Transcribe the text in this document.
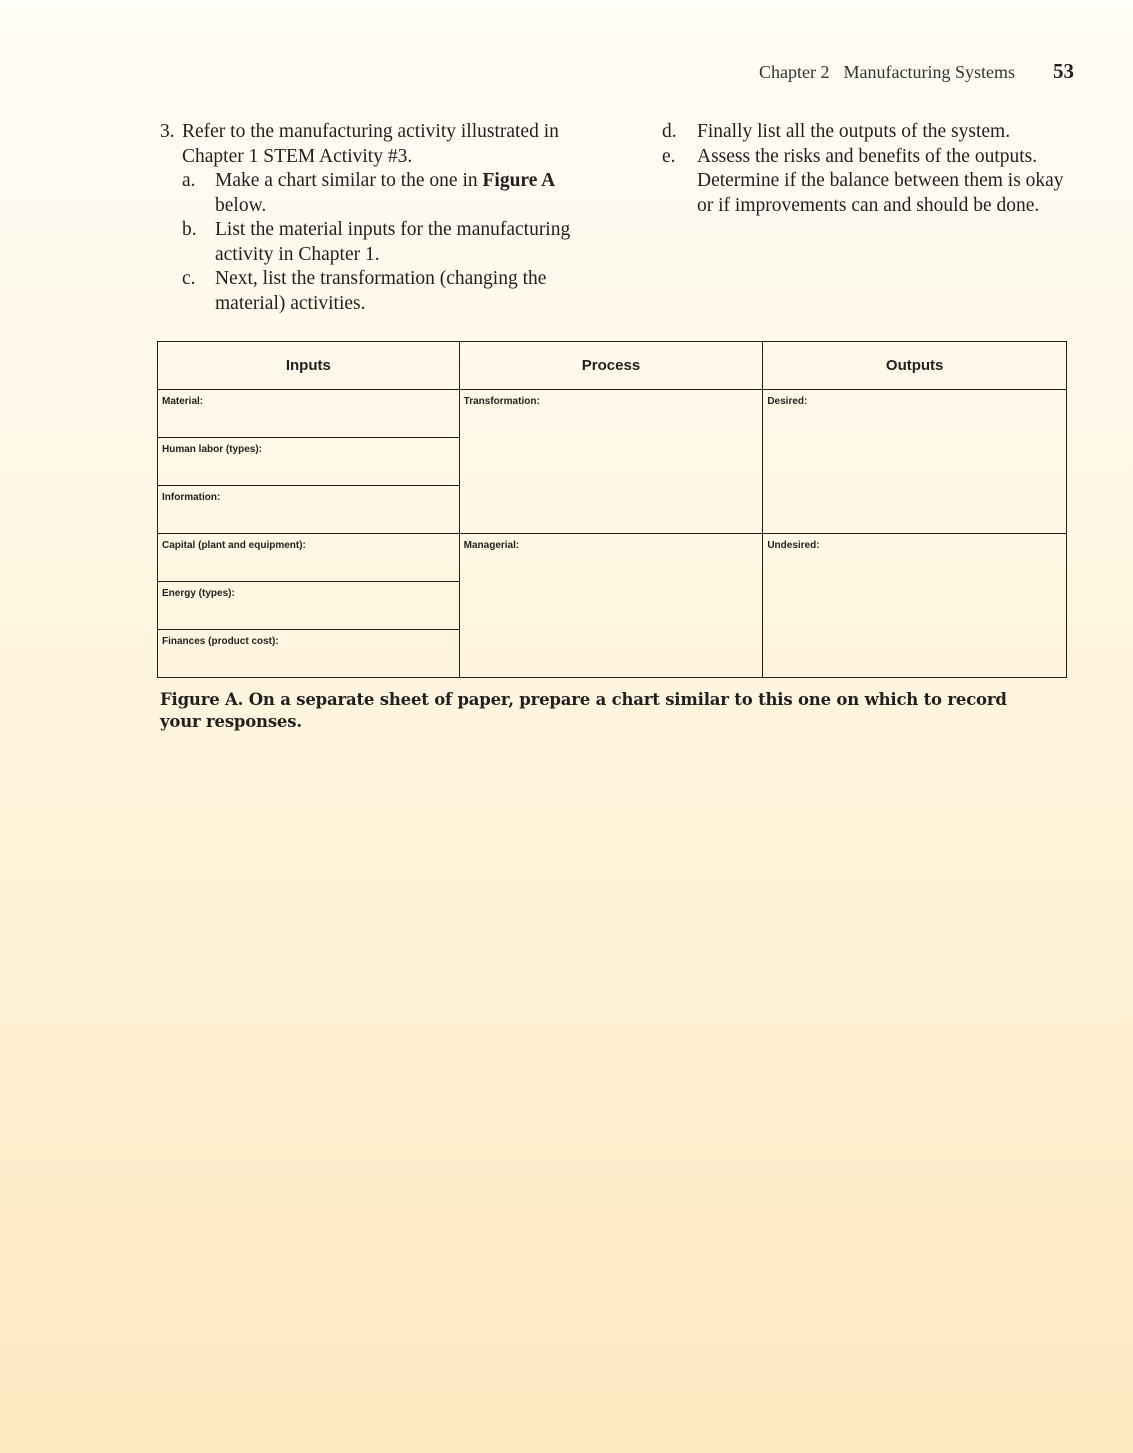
Chapter 2 Manufacturing Systems 53
3. Refer to the manufacturing activity illustrated in Chapter 1 STEM Activity #3.
a. Make a chart similar to the one in Figure A below.
b. List the material inputs for the manufacturing activity in Chapter 1.
c. Next, list the transformation (changing the material) activities.
d. Finally list all the outputs of the system.
e. Assess the risks and benefits of the outputs. Determine if the balance between them is okay or if improvements can and should be done.
Inputs	Process	Outputs
Material:	Transformation:	Desired:
Human labor (types):		
Information:		
Capital (plant and equipment):	Managerial:	Undesired:
Energy (types):		
Finances (product cost):		
Figure A. On a separate sheet of paper, prepare a chart similar to this one on which to record your responses.
